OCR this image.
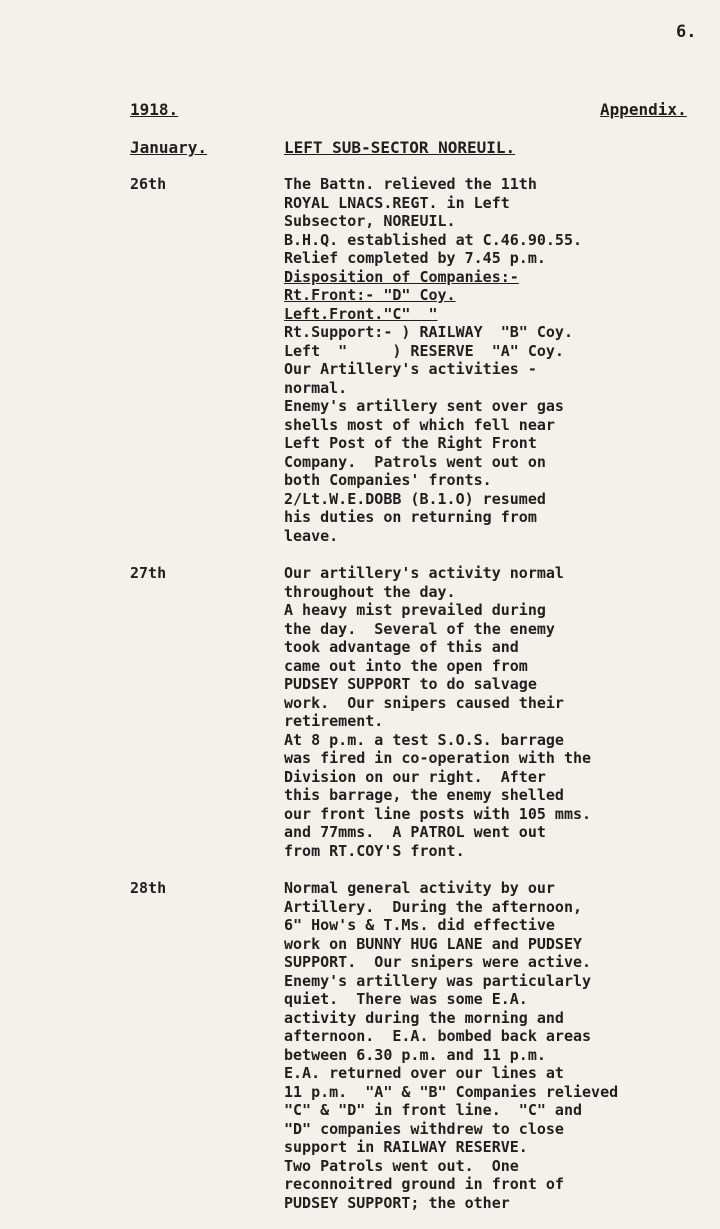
6.
1918.	Appendix.
January.	LEFT SUB-SECTOR NOREUIL.
26th	The Battn. relieved the 11th
ROYAL LNACS.REGT. in Left
Subsector, NOREUIL.
B.H.Q. established at C.46.90.55.
Relief completed by 7.45 p.m.
Disposition of Companies:-
Rt.Front:- "D" Coy.
Left.Front."C"  "
Rt.Support:- ) RAILWAY  "B" Coy.
Left  "     ) RESERVE  "A" Coy.
Our Artillery's activities -
normal.
Enemy's artillery sent over gas
shells most of which fell near
Left Post of the Right Front
Company.  Patrols went out on
both Companies' fronts.
2/Lt.W.E.DOBB (B.1.O) resumed
his duties on returning from
leave.
27th	Our artillery's activity normal
throughout the day.
A heavy mist prevailed during
the day.  Several of the enemy
took advantage of this and
came out into the open from
PUDSEY SUPPORT to do salvage
work.  Our snipers caused their
retirement.
At 8 p.m. a test S.O.S. barrage
was fired in co-operation with the
Division on our right.  After
this barrage, the enemy shelled
our front line posts with 105 mms.
and 77mms.  A PATROL went out
from RT.COY'S front.
28th	Normal general activity by our
Artillery.  During the afternoon,
6" How's & T.Ms. did effective
work on BUNNY HUG LANE and PUDSEY
SUPPORT.  Our snipers were active.
Enemy's artillery was particularly
quiet.  There was some E.A.
activity during the morning and
afternoon.  E.A. bombed back areas
between 6.30 p.m. and 11 p.m.
E.A. returned over our lines at
11 p.m.  "A" & "B" Companies relieved
"C" & "D" in front line.  "C" and
"D" companies withdrew to close
support in RAILWAY RESERVE.
Two Patrols went out.  One
reconnoitred ground in front of
PUDSEY SUPPORT; the other
